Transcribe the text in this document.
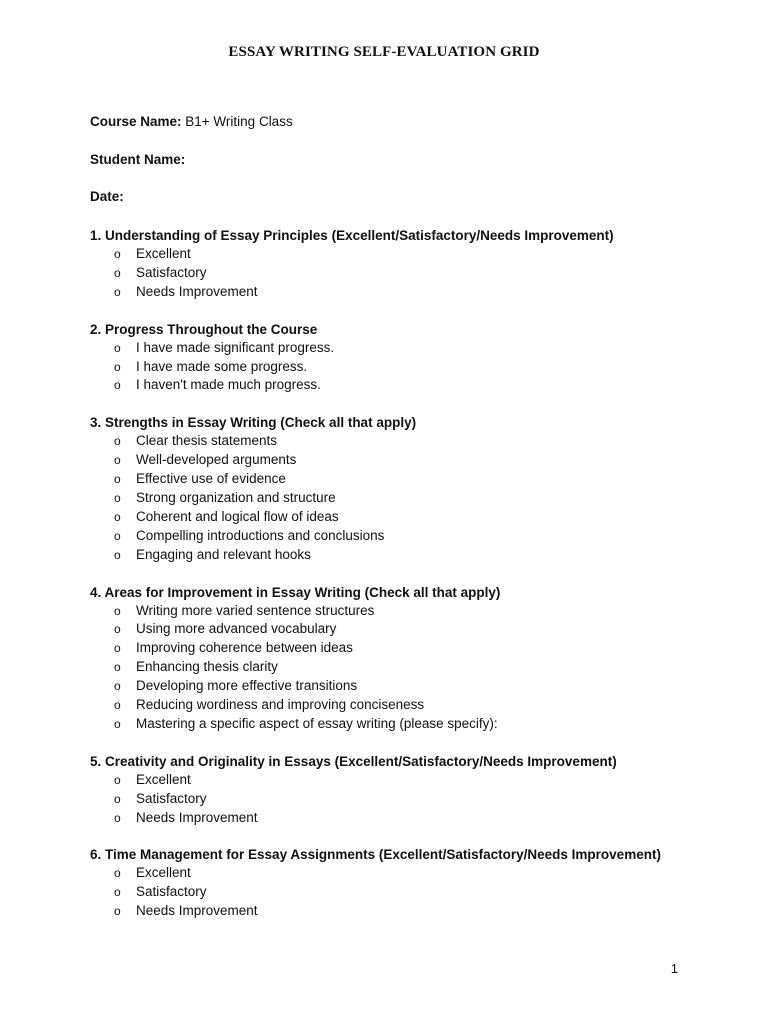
ESSAY WRITING SELF-EVALUATION GRID
Course Name: B1+ Writing Class
Student Name:
Date:
1. Understanding of Essay Principles (Excellent/Satisfactory/Needs Improvement)
o Excellent
o Satisfactory
o Needs Improvement
2. Progress Throughout the Course
o I have made significant progress.
o I have made some progress.
o I haven't made much progress.
3. Strengths in Essay Writing (Check all that apply)
o Clear thesis statements
o Well-developed arguments
o Effective use of evidence
o Strong organization and structure
o Coherent and logical flow of ideas
o Compelling introductions and conclusions
o Engaging and relevant hooks
4. Areas for Improvement in Essay Writing (Check all that apply)
o Writing more varied sentence structures
o Using more advanced vocabulary
o Improving coherence between ideas
o Enhancing thesis clarity
o Developing more effective transitions
o Reducing wordiness and improving conciseness
o Mastering a specific aspect of essay writing (please specify):
5. Creativity and Originality in Essays (Excellent/Satisfactory/Needs Improvement)
o Excellent
o Satisfactory
o Needs Improvement
6. Time Management for Essay Assignments (Excellent/Satisfactory/Needs Improvement)
o Excellent
o Satisfactory
o Needs Improvement
1
